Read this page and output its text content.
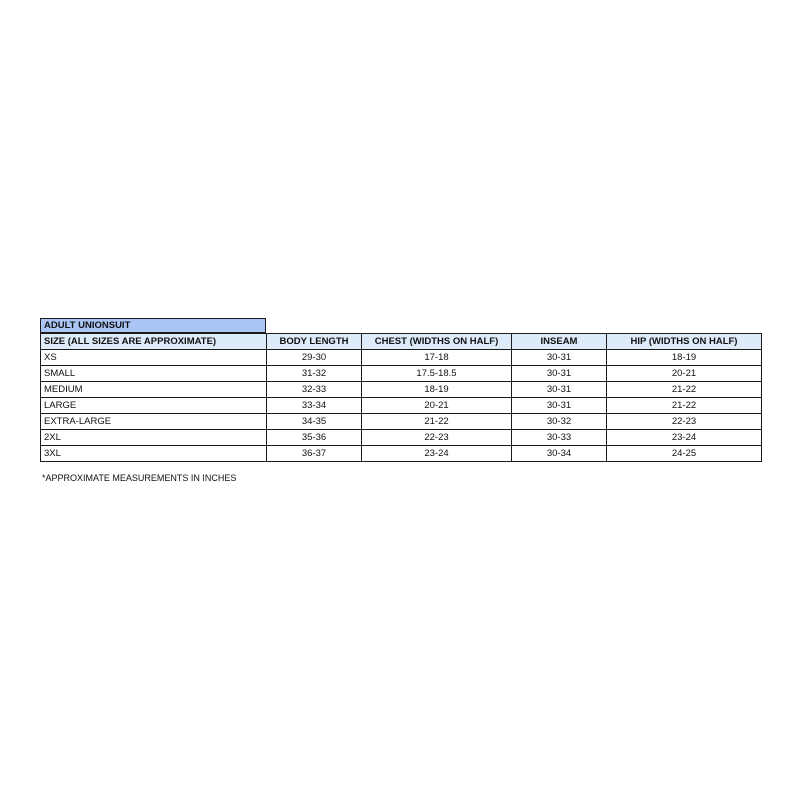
ADULT UNIONSUIT
SIZE (ALL SIZES ARE APPROXIMATE)	BODY LENGTH	CHEST (WIDTHS ON HALF)	INSEAM	HIP (WIDTHS ON HALF)
XS	29-30	17-18	30-31	18-19
SMALL	31-32	17.5-18.5	30-31	20-21
MEDIUM	32-33	18-19	30-31	21-22
LARGE	33-34	20-21	30-31	21-22
EXTRA-LARGE	34-35	21-22	30-32	22-23
2XL	35-36	22-23	30-33	23-24
3XL	36-37	23-24	30-34	24-25
*APPROXIMATE MEASUREMENTS IN INCHES
